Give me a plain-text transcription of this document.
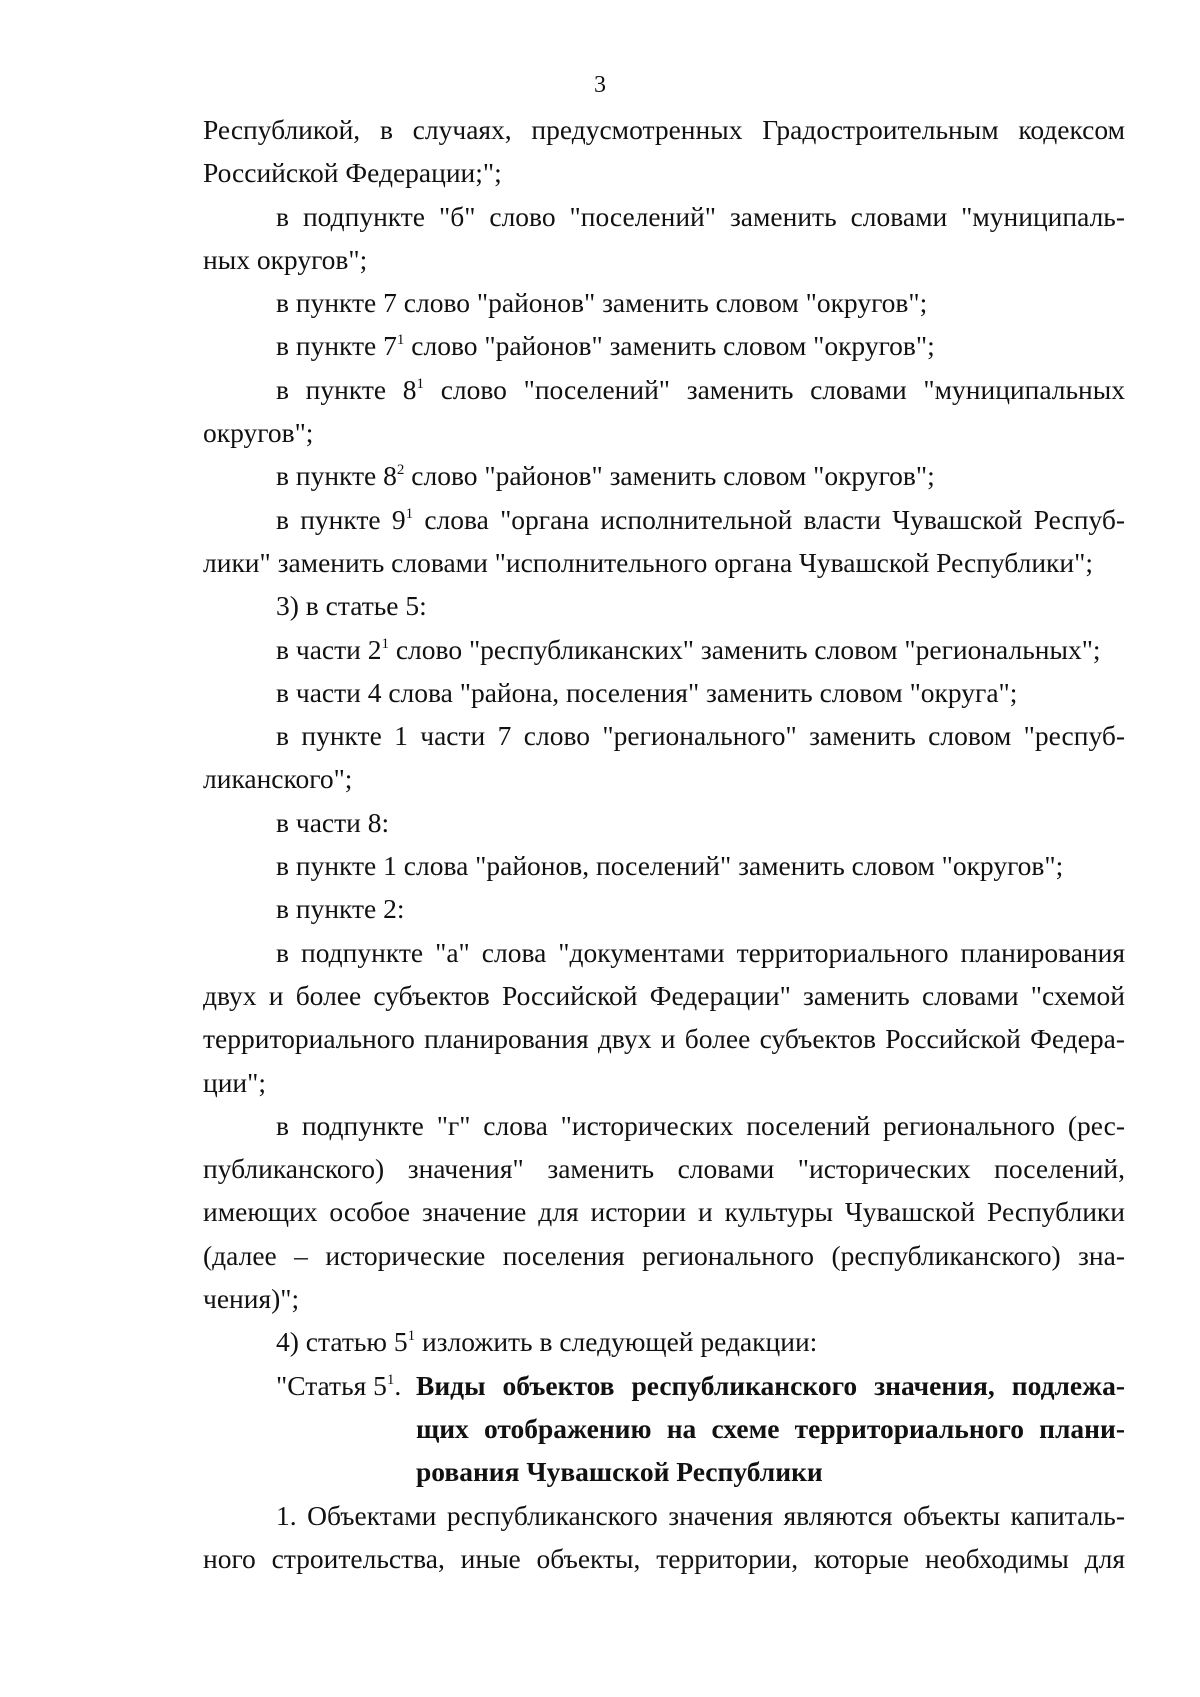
3
Республикой, в случаях, предусмотренных Градостроительным кодексом
Российской Федерации;";
в подпункте "б" слово "поселений" заменить словами "муниципаль-
ных округов";
в пункте 7 слово "районов" заменить словом "округов";
в пункте $7^1$ слово "районов" заменить словом "округов";
в пункте $8^1$ слово "поселений" заменить словами "муниципальных
округов";
в пункте $8^2$ слово "районов" заменить словом "округов";
в пункте $9^1$ слова "органа исполнительной власти Чувашской Респуб-
лики" заменить словами "исполнительного органа Чувашской Республики";
3) в статье 5:
в части $2^1$ слово "республиканских" заменить словом "региональных";
в части 4 слова "района, поселения" заменить словом "округа";
в пункте 1 части 7 слово "регионального" заменить словом "респуб-
ликанского";
в части 8:
в пункте 1 слова "районов, поселений" заменить словом "округов";
в пункте 2:
в подпункте "а" слова "документами территориального планирования
двух и более субъектов Российской Федерации" заменить словами "схемой
территориального планирования двух и более субъектов Российской Федера-
ции";
в подпункте "г" слова "исторических поселений регионального (рес-
публиканского) значения" заменить словами "исторических поселений,
имеющих особое значение для истории и культуры Чувашской Республики
(далее – исторические поселения регионального (республиканского) зна-
чения)";
4) статью $5^1$ изложить в следующей редакции:
"Статья $5^1$. Виды объектов республиканского значения, подлежа-
щих отображению на схеме территориального плани-
рования Чувашской Республики
1. Объектами республиканского значения являются объекты капиталь-
ного строительства, иные объекты, территории, которые необходимы для
